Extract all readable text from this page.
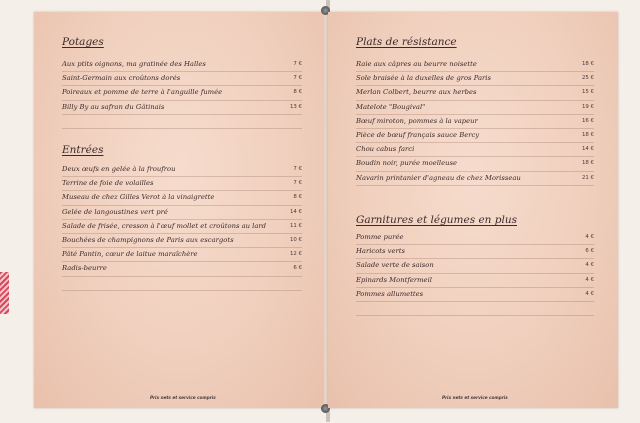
Potages
Aux ptits oignons, ma gratinée des Halles	7 €
Saint-Germain aux croûtons dorés	7 €
Poireaux et pomme de terre à l'anguille fumée	8 €
Billy By au safran du Gâtinais	13 €
Entrées
Deux œufs en gelée à la froufrou	7 €
Terrine de foie de volailles	7 €
Museau de chez Gilles Verot à la vinaigrette	8 €
Gelée de langoustines vert pré	14 €
Salade de frisée, cresson à l'œuf mollet et croûtons au lard	11 €
Bouchées de champignons de Paris aux escargots	10 €
Pâté Pantin, cœur de laitue maraîchère	12 €
Radis-beurre	6 €
Prix nets et service compris
Plats de résistance
Raie aux câpres au beurre noisette	18 €
Sole braisée à la duxelles de gros Paris	25 €
Merlan Colbert, beurre aux herbes	15 €
Matelote "Bougival"	19 €
Bœuf miroton, pommes à la vapeur	16 €
Pièce de bœuf français sauce Bercy	18 €
Chou cabus farci	14 €
Boudin noir, purée moelleuse	18 €
Navarin printanier d'agneau de chez Morisseau	21 €
Garnitures et légumes en plus
Pomme purée	4 €
Haricots verts	6 €
Salade verte de saison	4 €
Epinards Montfermeil	4 €
Pommes allumettes	4 €
Prix nets et service compris
